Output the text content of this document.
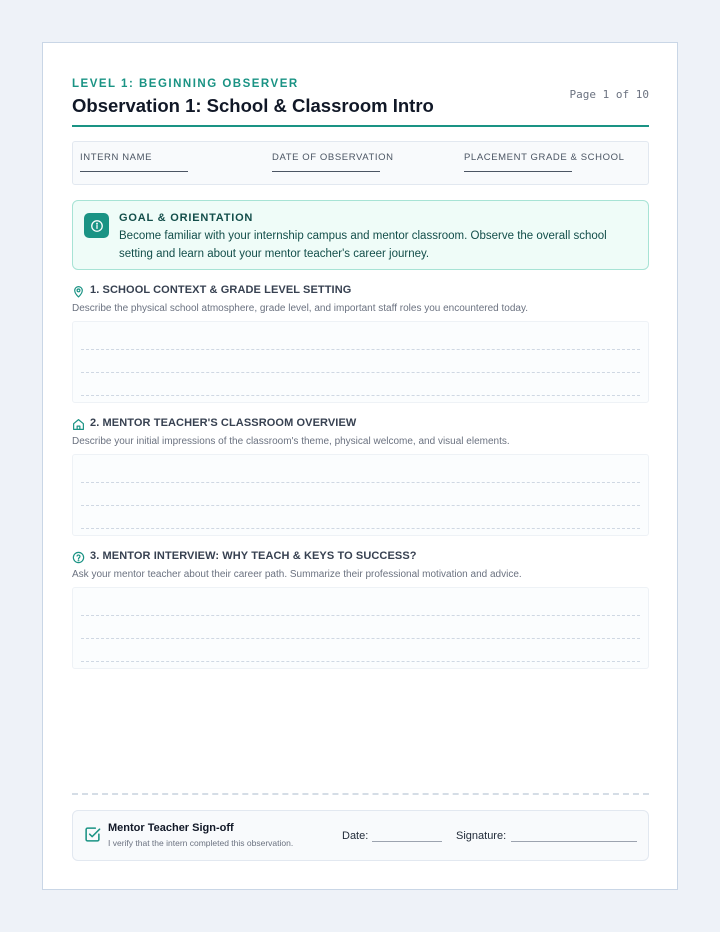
LEVEL 1: BEGINNING OBSERVER
Observation 1: School & Classroom Intro
Page 1 of 10
INTERN NAME	DATE OF OBSERVATION	PLACEMENT GRADE & SCHOOL
GOAL & ORIENTATION
Become familiar with your internship campus and mentor classroom. Observe the overall school setting and learn about your mentor teacher's career journey.
1. SCHOOL CONTEXT & GRADE LEVEL SETTING
Describe the physical school atmosphere, grade level, and important staff roles you encountered today.
2. MENTOR TEACHER'S CLASSROOM OVERVIEW
Describe your initial impressions of the classroom's theme, physical welcome, and visual elements.
3. MENTOR INTERVIEW: WHY TEACH & KEYS TO SUCCESS?
Ask your mentor teacher about their career path. Summarize their professional motivation and advice.
Mentor Teacher Sign-off
I verify that the intern completed this observation.
Date:	Signature:
